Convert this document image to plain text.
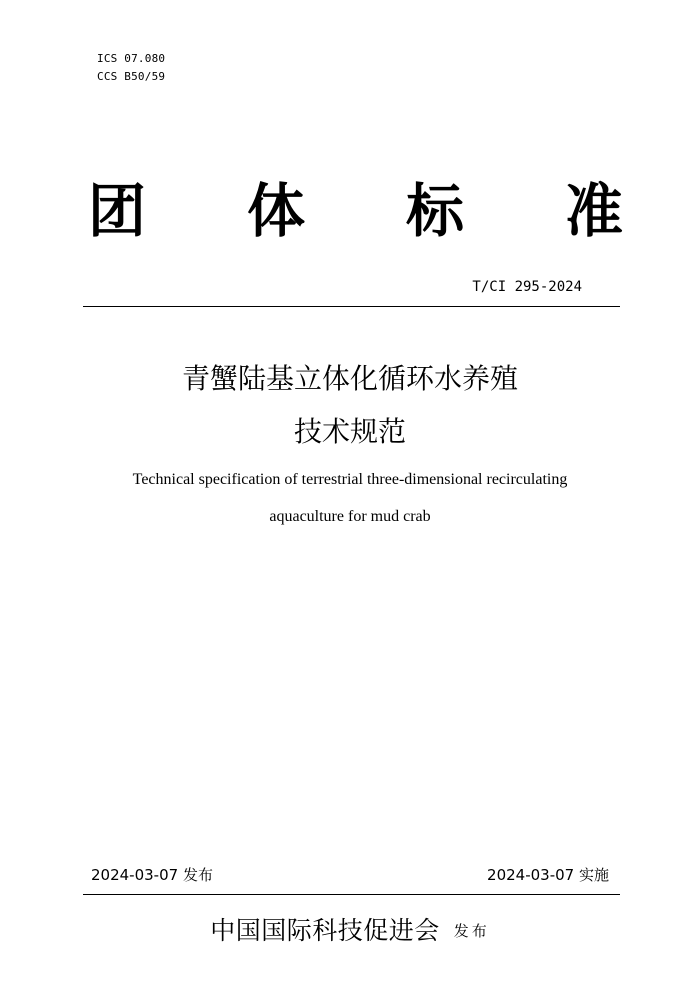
ICS 07.080
CCS B50/59
团 体 标 准
T/CI 295-2024
青蟹陆基立体化循环水养殖
技术规范
Technical specification of terrestrial three-dimensional recirculating
aquaculture for mud crab
2024-03-07 发布	2024-03-07 实施
中国国际科技促进会 发布
